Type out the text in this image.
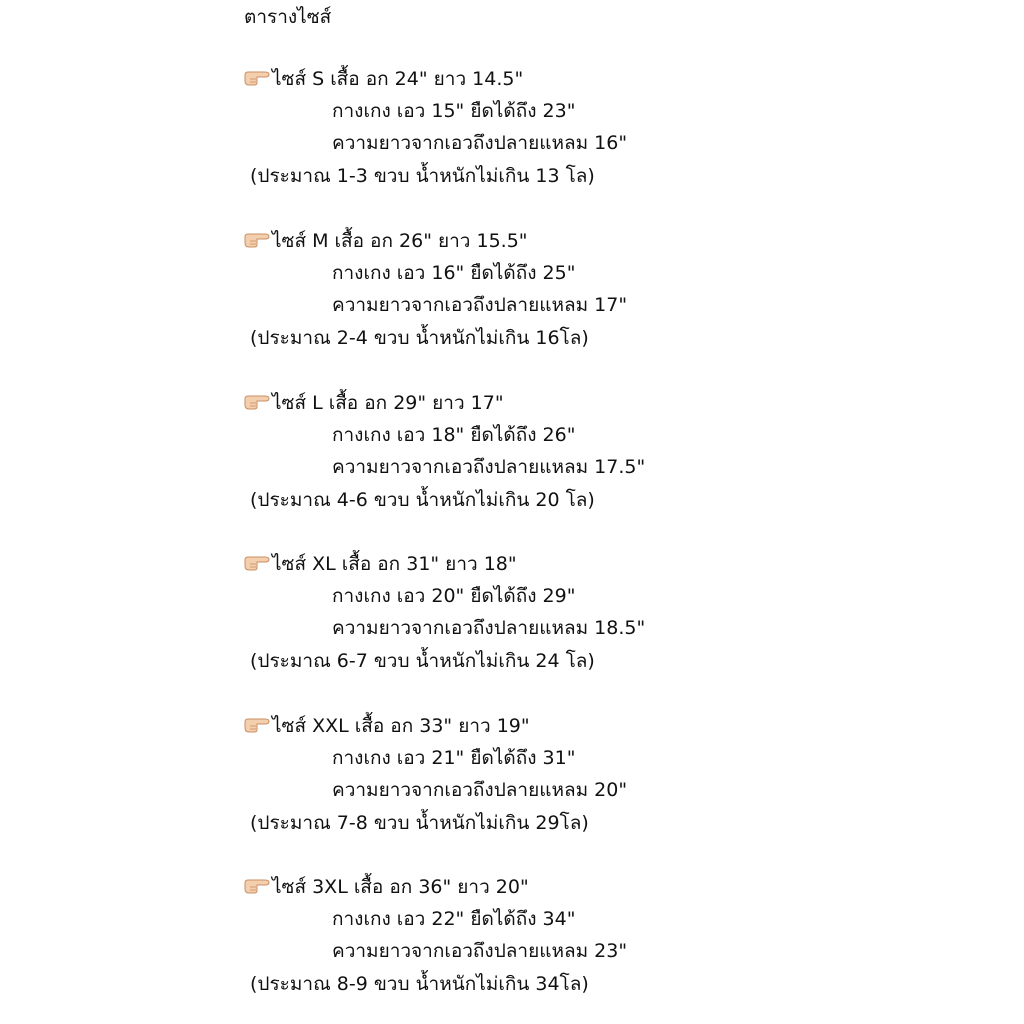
ตารางไซส์
ไซส์ S เสื้อ อก 24" ยาว 14.5"
กางเกง เอว 15" ยืดได้ถึง 23"
ความยาวจากเอวถึงปลายแหลม 16"
(ประมาณ 1-3 ขวบ น้ำหนักไม่เกิน 13 โล)
ไซส์ M เสื้อ อก 26" ยาว 15.5"
กางเกง เอว 16" ยืดได้ถึง 25"
ความยาวจากเอวถึงปลายแหลม 17"
(ประมาณ 2-4 ขวบ น้ำหนักไม่เกิน 16โล)
ไซส์ L เสื้อ อก 29" ยาว 17"
กางเกง เอว 18" ยืดได้ถึง 26"
ความยาวจากเอวถึงปลายแหลม 17.5"
(ประมาณ 4-6 ขวบ น้ำหนักไม่เกิน 20 โล)
ไซส์ XL เสื้อ อก 31" ยาว 18"
กางเกง เอว 20" ยืดได้ถึง 29"
ความยาวจากเอวถึงปลายแหลม 18.5"
(ประมาณ 6-7 ขวบ น้ำหนักไม่เกิน 24 โล)
ไซส์ XXL เสื้อ อก 33" ยาว 19"
กางเกง เอว 21" ยืดได้ถึง 31"
ความยาวจากเอวถึงปลายแหลม 20"
(ประมาณ 7-8 ขวบ น้ำหนักไม่เกิน 29โล)
ไซส์ 3XL เสื้อ อก 36" ยาว 20"
กางเกง เอว 22" ยืดได้ถึง 34"
ความยาวจากเอวถึงปลายแหลม 23"
(ประมาณ 8-9 ขวบ น้ำหนักไม่เกิน 34โล)
